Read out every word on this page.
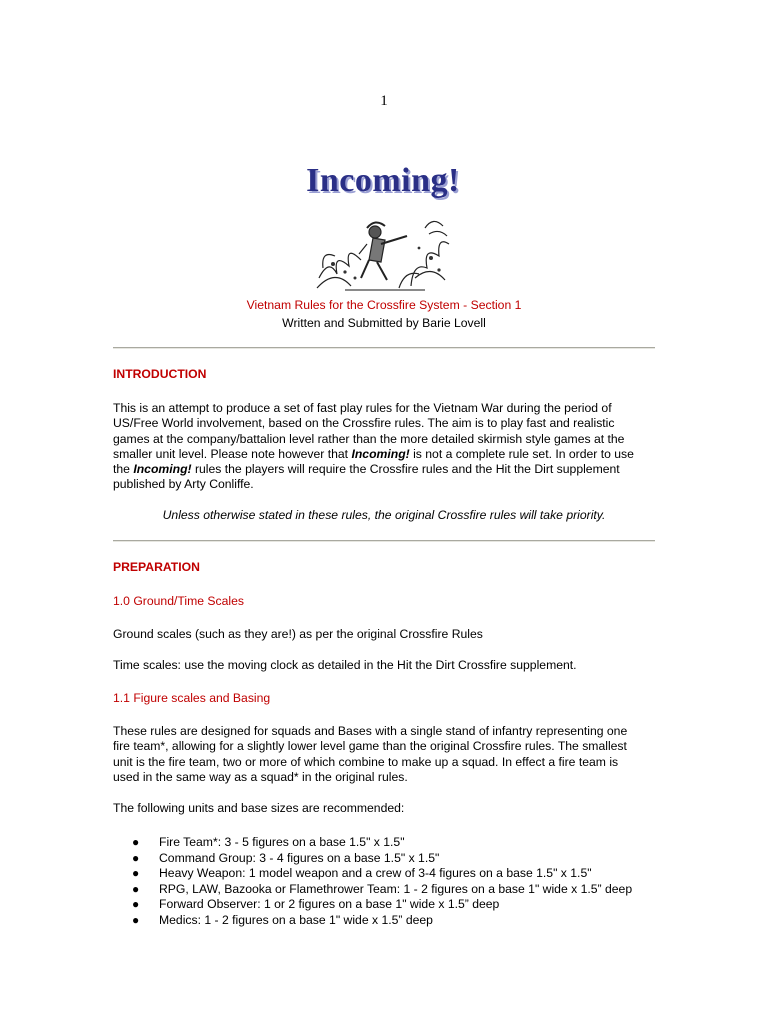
1
Incoming!
Vietnam Rules for the Crossfire System - Section 1
Written and Submitted by Barie Lovell
INTRODUCTION
This is an attempt to produce a set of fast play rules for the Vietnam War during the period of
US/Free World involvement, based on the Crossfire rules. The aim is to play fast and realistic
games at the company/battalion level rather than the more detailed skirmish style games at the
smaller unit level. Please note however that Incoming! is not a complete rule set. In order to use
the Incoming! rules the players will require the Crossfire rules and the Hit the Dirt supplement
published by Arty Conliffe.
Unless otherwise stated in these rules, the original Crossfire rules will take priority.
PREPARATION
1.0 Ground/Time Scales
Ground scales (such as they are!) as per the original Crossfire Rules
Time scales: use the moving clock as detailed in the Hit the Dirt Crossfire supplement.
1.1 Figure scales and Basing
These rules are designed for squads and Bases with a single stand of infantry representing one
fire team*, allowing for a slightly lower level game than the original Crossfire rules. The smallest
unit is the fire team, two or more of which combine to make up a squad. In effect a fire team is
used in the same way as a squad* in the original rules.
The following units and base sizes are recommended:
● Fire Team*: 3 - 5 figures on a base 1.5" x 1.5"
● Command Group: 3 - 4 figures on a base 1.5" x 1.5"
● Heavy Weapon: 1 model weapon and a crew of 3-4 figures on a base 1.5" x 1.5"
● RPG, LAW, Bazooka or Flamethrower Team: 1 - 2 figures on a base 1" wide x 1.5” deep
● Forward Observer: 1 or 2 figures on a base 1" wide x 1.5” deep
● Medics: 1 - 2 figures on a base 1" wide x 1.5” deep
